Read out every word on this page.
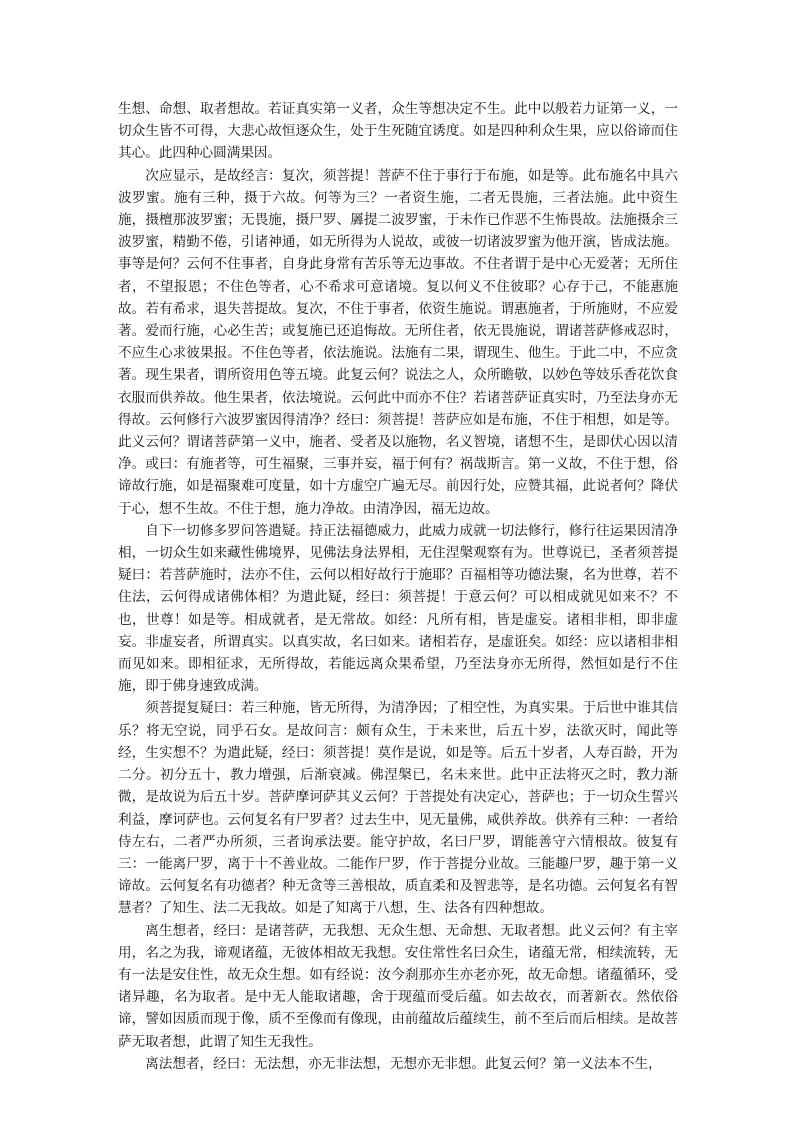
生想、命想、取者想故。若证真实第一义者，众生等想决定不生。此中以般若力证第一义，一切众生皆不可得，大悲心故恒逐众生，处于生死随宜诱度。如是四种利众生果，应以俗谛而住其心。此四种心圆满果因。

次应显示，是故经言：复次，须菩提！菩萨不住于事行于布施，如是等。此布施名中具六波罗蜜。施有三种，摄于六故。何等为三？一者资生施，二者无畏施，三者法施。此中资生施，摄檀那波罗蜜；无畏施，摄尸罗、羼提二波罗蜜，于未作已作恶不生怖畏故。法施摄余三波罗蜜，精勤不倦，引诸神通，如无所得为人说故，或彼一切诸波罗蜜为他开演，皆成法施。事等是何？云何不住事者，自身此身常有苦乐等无边事故。不住者谓于是中心无爱著；无所住者，不望报恩；不住色等者，心不希求可意诸境。复以何义不住彼耶？心存于己，不能惠施故。若有希求，退失菩提故。复次，不住于事者，依资生施说。谓惠施者，于所施财，不应爱著。爱而行施，心必生苦；或复施已还追悔故。无所住者，依无畏施说，谓诸菩萨修戒忍时，不应生心求彼果报。不住色等者，依法施说。法施有二果，谓现生、他生。于此二中，不应贪著。现生果者，谓所资用色等五境。此复云何？说法之人，众所瞻敬，以妙色等妓乐香花饮食衣服而供养故。他生果者，依法境说。云何此中而亦不住？若诸菩萨证真实时，乃至法身亦无得故。云何修行六波罗蜜因得清净？经曰：须菩提！菩萨应如是布施，不住于相想，如是等。此义云何？谓诸菩萨第一义中，施者、受者及以施物，名义智境，诸想不生，是即伏心因以清净。或曰：有施者等，可生福聚，三事并妄，福于何有？祸哉斯言。第一义故，不住于想，俗谛故行施，如是福聚难可度量，如十方虚空广遍无尽。前因行处，应赞其福，此说者何？降伏于心，想不生故。不住于想，施力净故。由清净因，福无边故。

自下一切修多罗问答遣疑。持正法福德威力，此威力成就一切法修行，修行往运果因清净相，一切众生如来藏性佛境界，见佛法身法界相，无住涅槃观察有为。世尊说已，圣者须菩提疑曰：若菩萨施时，法亦不住，云何以相好故行于施耶？百福相等功德法聚，名为世尊，若不住法，云何得成诸佛体相？为遣此疑，经曰：须菩提！于意云何？可以相成就见如来不？不也，世尊！如是等。相成就者，是无常故。如经：凡所有相，皆是虚妄。诸相非相，即非虚妄。非虚妄者，所谓真实。以真实故，名曰如来。诸相若存，是虚诳矣。如经：应以诸相非相而见如来。即相征求，无所得故，若能远离众果希望，乃至法身亦无所得，然恒如是行不住施，即于佛身速致成满。

须菩提复疑曰：若三种施，皆无所得，为清净因；了相空性，为真实果。于后世中谁其信乐？将无空说，同乎石女。是故问言：颇有众生，于未来世，后五十岁，法欲灭时，闻此等经，生实想不？为遣此疑，经曰：须菩提！莫作是说，如是等。后五十岁者，人寿百龄，开为二分。初分五十，教力增强，后渐衰减。佛涅槃已，名未来世。此中正法将灭之时，教力渐微，是故说为后五十岁。菩萨摩诃萨其义云何？于菩提处有决定心，菩萨也；于一切众生誓兴利益，摩诃萨也。云何复名有尸罗者？过去生中，见无量佛，咸供养故。供养有三种：一者给侍左右，二者严办所须，三者询承法要。能守护故，名曰尸罗，谓能善守六情根故。彼复有三：一能离尸罗，离于十不善业故。二能作尸罗，作于菩提分业故。三能趣尸罗，趣于第一义谛故。云何复名有功德者？种无贪等三善根故，质直柔和及智悲等，是名功德。云何复名有智慧者？了知生、法二无我故。如是了知离于八想，生、法各有四种想故。

离生想者，经曰：是诸菩萨，无我想、无众生想、无命想、无取者想。此义云何？有主宰用，名之为我，谛观诸蕴，无彼体相故无我想。安住常性名曰众生，诸蕴无常，相续流转，无有一法是安住性，故无众生想。如有经说：汝今刹那亦生亦老亦死，故无命想。诸蕴循环，受诸异趣，名为取者。是中无人能取诸趣，舍于现蕴而受后蕴。如去故衣，而著新衣。然依俗谛，譬如因质而现于像，质不至像而有像现，由前蕴故后蕴续生，前不至后而后相续。是故菩萨无取者想，此谓了知生无我性。

离法想者，经曰：无法想，亦无非法想，无想亦无非想。此复云何？第一义法本不生，
